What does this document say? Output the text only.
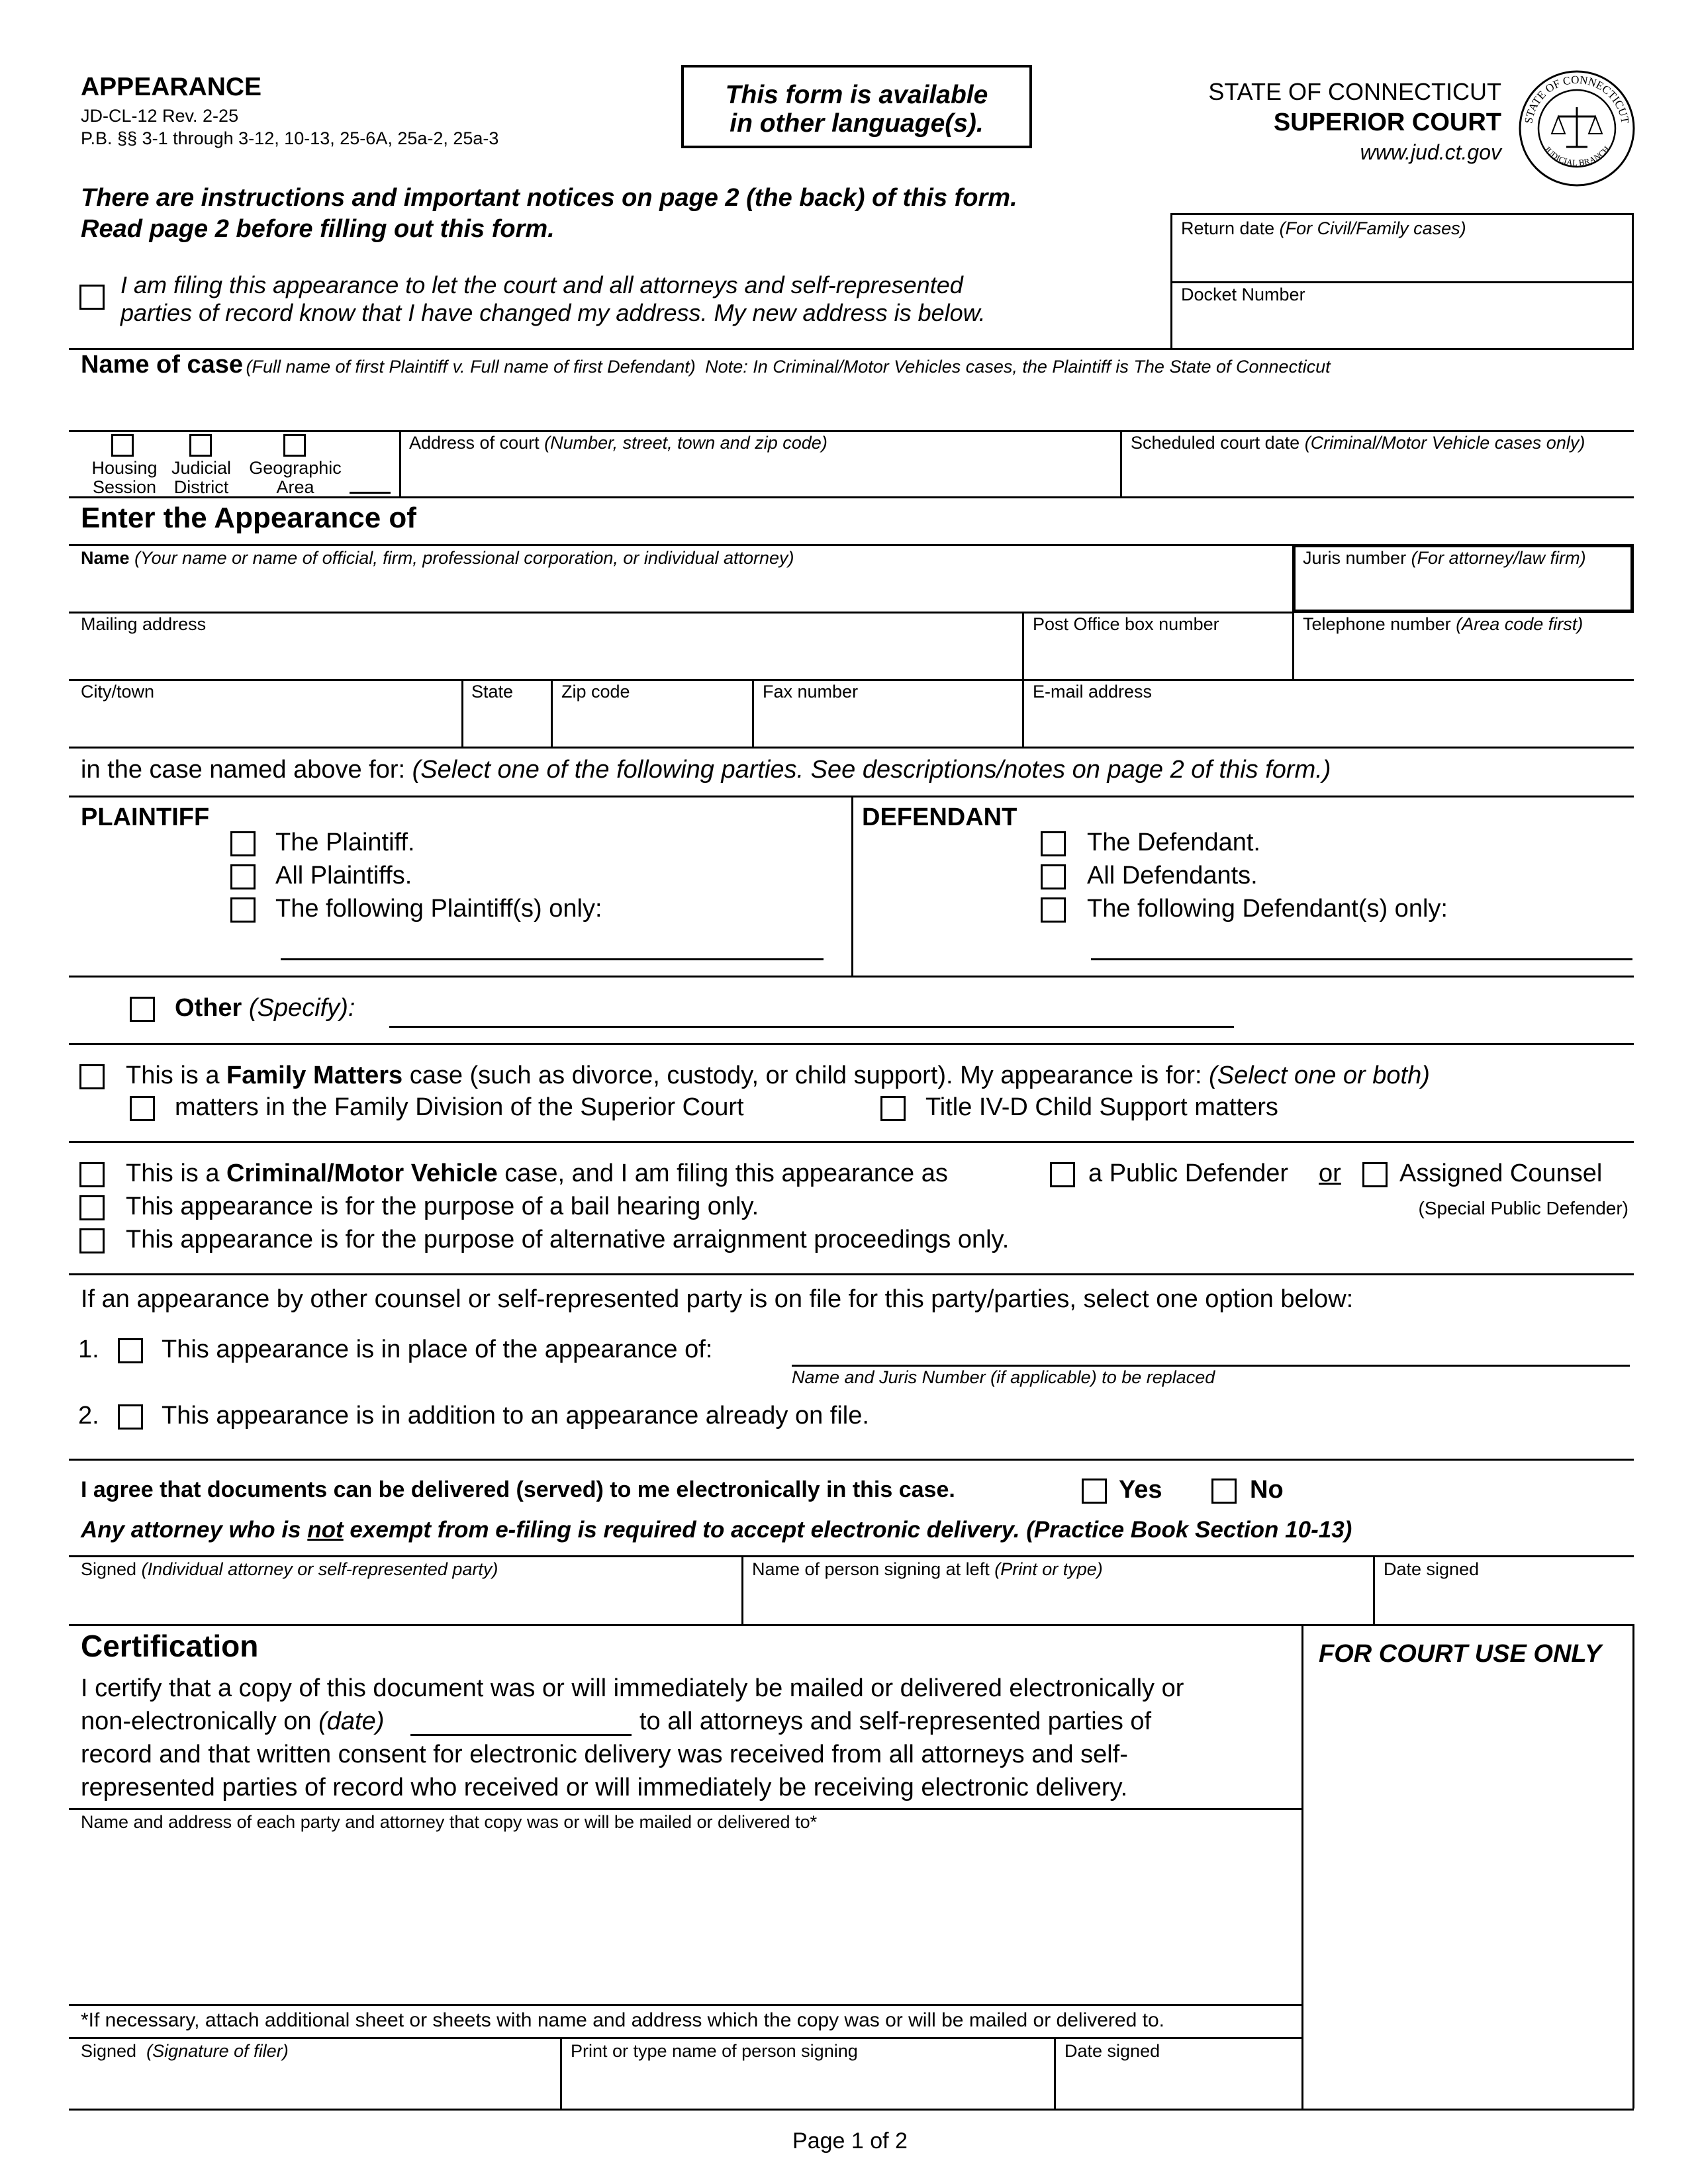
APPEARANCE
JD-CL-12 Rev. 2-25
P.B. §§ 3-1 through 3-12, 10-13, 25-6A, 25a-2, 25a-3
This form is available
in other language(s).
STATE OF CONNECTICUT
SUPERIOR COURT
www.jud.ct.gov
STATE OF CONNECTICUT
JUDICIAL BRANCH
There are instructions and important notices on page 2 (the back) of this form.
Read page 2 before filling out this form.	Return date (For Civil/Family cases)
Docket Number
I am filing this appearance to let the court and all attorneys and self-represented
parties of record know that I have changed my address. My new address is below.
Name of case (Full name of first Plaintiff v. Full name of first Defendant) Note: In Criminal/Motor Vehicles cases, the Plaintiff is The State of Connecticut
Housing
Session
Judicial
District
Geographic
Area
Address of court (Number, street, town and zip code)	Scheduled court date (Criminal/Motor Vehicle cases only)
Enter the Appearance of
Name (Your name or name of official, firm, professional corporation, or individual attorney)	Juris number (For attorney/law firm)
Mailing address	Post Office box number	Telephone number (Area code first)
City/town	State	Zip code	Fax number	E-mail address
in the case named above for: (Select one of the following parties. See descriptions/notes on page 2 of this form.)
PLAINTIFF
The Plaintiff.
All Plaintiffs.
The following Plaintiff(s) only:
DEFENDANT
The Defendant.
All Defendants.
The following Defendant(s) only:
Other (Specify):
This is a Family Matters case (such as divorce, custody, or child support). My appearance is for: (Select one or both)
matters in the Family Division of the Superior Court	Title IV-D Child Support matters
This is a Criminal/Motor Vehicle case, and I am filing this appearance as	a Public Defender or Assigned Counsel
(Special Public Defender)
This appearance is for the purpose of a bail hearing only.
This appearance is for the purpose of alternative arraignment proceedings only.
If an appearance by other counsel or self-represented party is on file for this party/parties, select one option below:
1. This appearance is in place of the appearance of:
Name and Juris Number (if applicable) to be replaced
2. This appearance is in addition to an appearance already on file.
I agree that documents can be delivered (served) to me electronically in this case.	Yes	No
Any attorney who is not exempt from e-filing is required to accept electronic delivery. (Practice Book Section 10-13)
Signed (Individual attorney or self-represented party)	Name of person signing at left (Print or type)	Date signed
FOR COURT USE ONLY
Certification
I certify that a copy of this document was or will immediately be mailed or delivered electronically or
non-electronically on (date)	to all attorneys and self-represented parties of
record and that written consent for electronic delivery was received from all attorneys and self-
represented parties of record who received or will immediately be receiving electronic delivery.
Name and address of each party and attorney that copy was or will be mailed or delivered to*
*If necessary, attach additional sheet or sheets with name and address which the copy was or will be mailed or delivered to.
Signed (Signature of filer)	Print or type name of person signing	Date signed
Page 1 of 2
